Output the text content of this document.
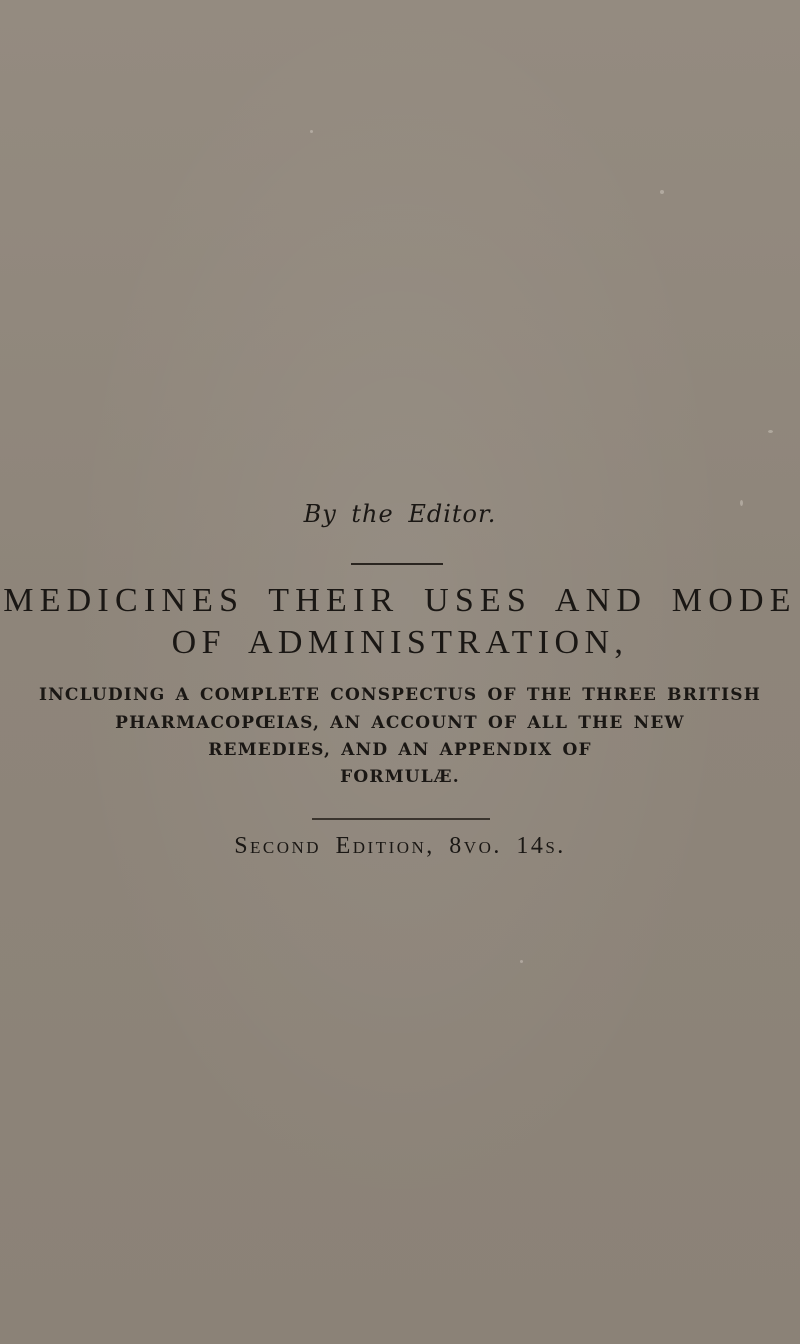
By the Editor.
MEDICINES THEIR USES AND MODE
OF ADMINISTRATION,
INCLUDING A COMPLETE CONSPECTUS OF THE THREE BRITISH
PHARMACOPŒIAS, AN ACCOUNT OF ALL THE NEW
REMEDIES, AND AN APPENDIX OF
FORMULÆ.
Second Edition, 8vo. 14s.
